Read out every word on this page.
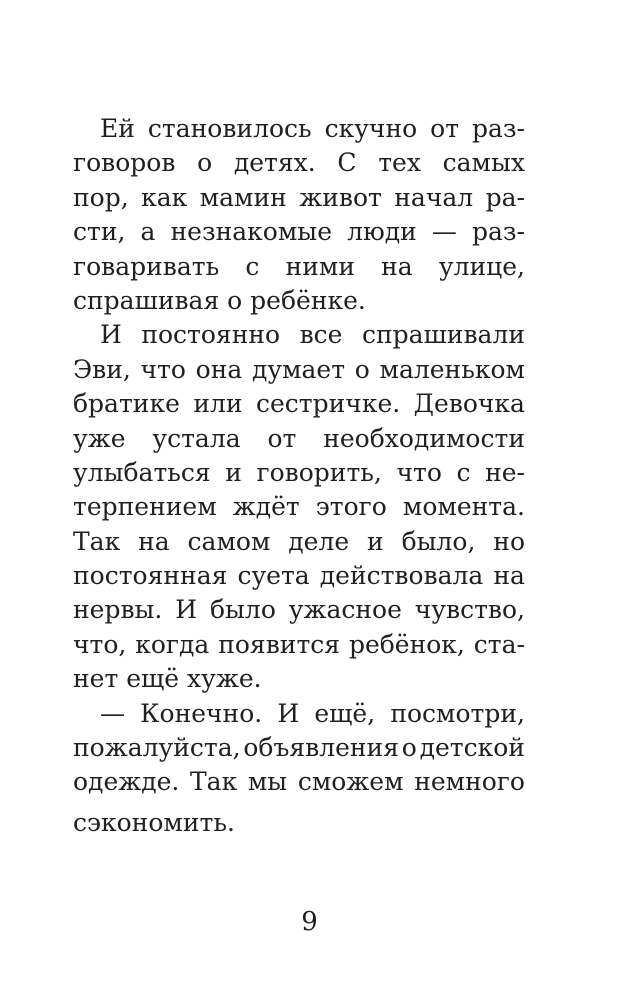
Ей становилось скучно от раз-
говоров о детях. С тех самых
пор, как мамин живот начал ра-
сти, а незнакомые люди — раз-
говаривать с ними на улице,
спрашивая о ребёнке.
И постоянно все спрашивали
Эви, что она думает о маленьком
братике или сестричке. Девочка
уже устала от необходимости
улыбаться и говорить, что с не-
терпением ждёт этого момента.
Так на самом деле и было, но
постоянная суета действовала на
нервы. И было ужасное чувство,
что, когда появится ребёнок, ста-
нет ещё хуже.
— Конечно. И ещё, посмотри,
пожалуйста, объявления о детской
одежде. Так мы сможем немного
сэкономить.
9
